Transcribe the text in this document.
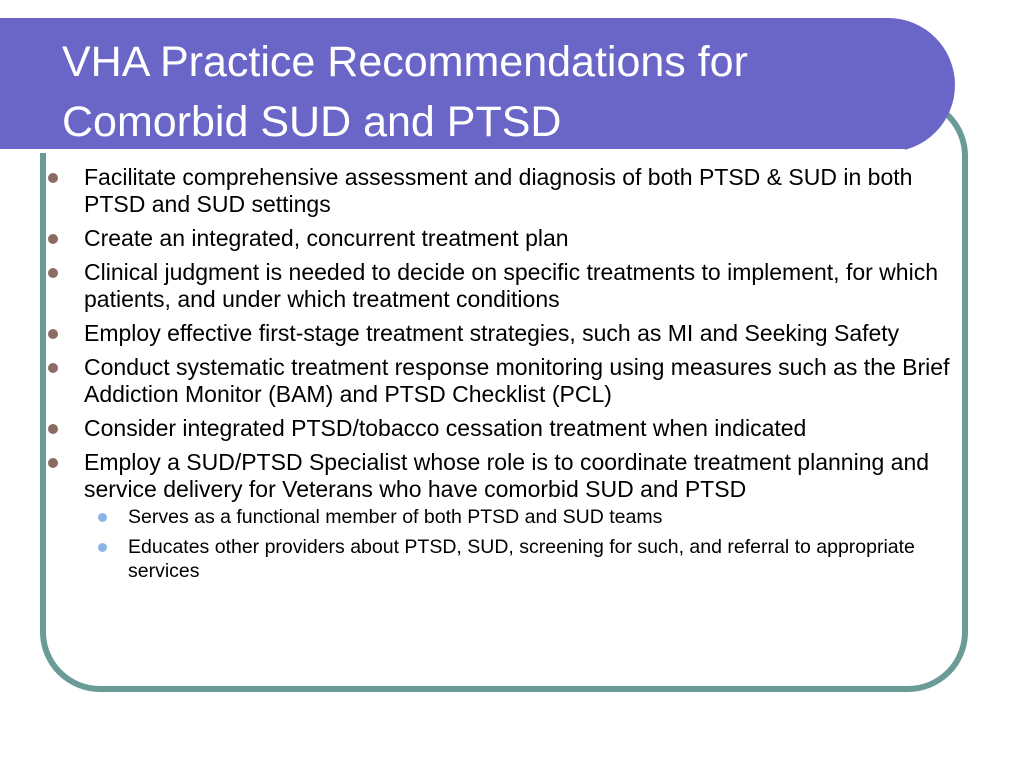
VHA Practice Recommendations for
Comorbid SUD and PTSD
Facilitate comprehensive assessment and diagnosis of both PTSD & SUD in both PTSD and SUD settings
Create an integrated, concurrent treatment plan
Clinical judgment is needed to decide on specific treatments to implement, for which patients, and under which treatment conditions
Employ effective first-stage treatment strategies, such as MI and Seeking Safety
Conduct systematic treatment response monitoring using measures such as the Brief Addiction Monitor (BAM) and PTSD Checklist (PCL)
Consider integrated PTSD/tobacco cessation treatment when indicated
Employ a SUD/PTSD Specialist whose role is to coordinate treatment planning and service delivery for Veterans who have comorbid SUD and PTSD
Serves as a functional member of both PTSD and SUD teams
Educates other providers about PTSD, SUD, screening for such, and referral to appropriate services
